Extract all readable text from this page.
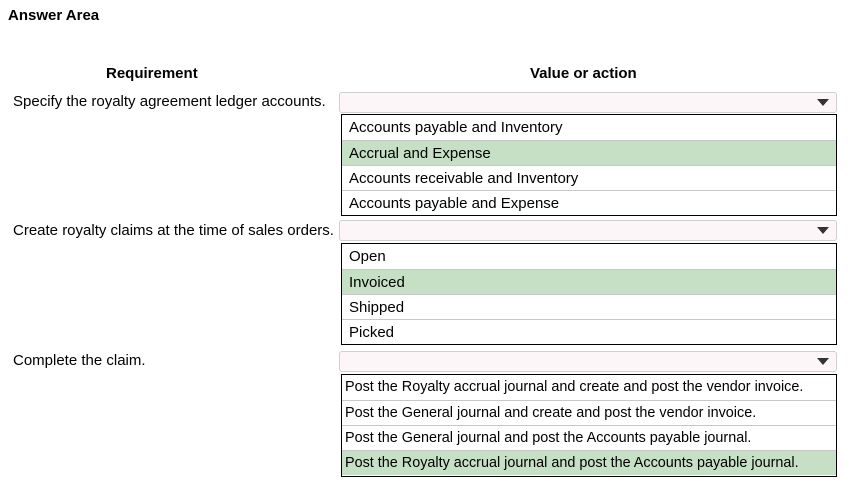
Answer Area
Requirement	Value or action
Specify the royalty agreement ledger accounts.
Accounts payable and Inventory
Accrual and Expense
Accounts receivable and Inventory
Accounts payable and Expense
Create royalty claims at the time of sales orders.
Open
Invoiced
Shipped
Picked
Complete the claim.
Post the Royalty accrual journal and create and post the vendor invoice.
Post the General journal and create and post the vendor invoice.
Post the General journal and post the Accounts payable journal.
Post the Royalty accrual journal and post the Accounts payable journal.
